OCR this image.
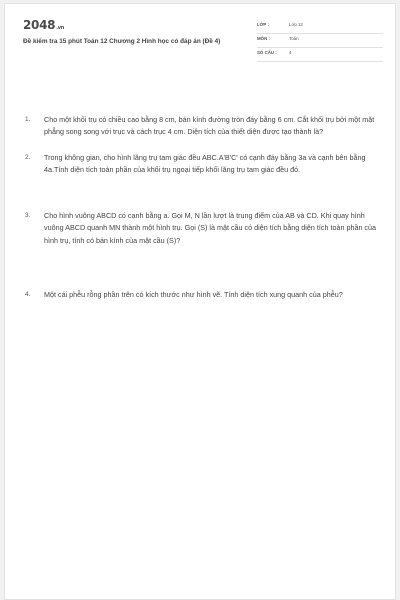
2048.vn
Đề kiểm tra 15 phút Toán 12 Chương 2 Hình học có đáp án (Đề 4)
LỚP :	Lớp 12
MÔN :	Toán
SỐ CÂU :	4
1. Cho một khối trụ có chiều cao bằng 8 cm, bán kính đường tròn đáy bằng 6 cm. Cắt khối trụ bởi một mặt phẳng song song với trục và cách trục 4 cm. Diện tích của thiết diện được tạo thành là?
2. Trong không gian, cho hình lăng trụ tam giác đều ABC.A'B'C' có cạnh đáy bằng 3a và cạnh bên bằng 4a.Tính diện tích toàn phần của khối trụ ngoại tiếp khối lăng trụ tam giác đều đó.
3. Cho hình vuông ABCD có cạnh bằng a. Gọi M, N lần lượt là trung điểm của AB và CD. Khi quay hình vuông ABCD quanh MN thành một hình trụ. Gọi (S) là mặt cầu có diện tích bằng diện tích toàn phần của hình trụ, tính có bán kính của mặt cầu (S)?
4. Một cái phễu rỗng phần trên có kích thước như hình vẽ. Tính diện tích xung quanh của phễu?
